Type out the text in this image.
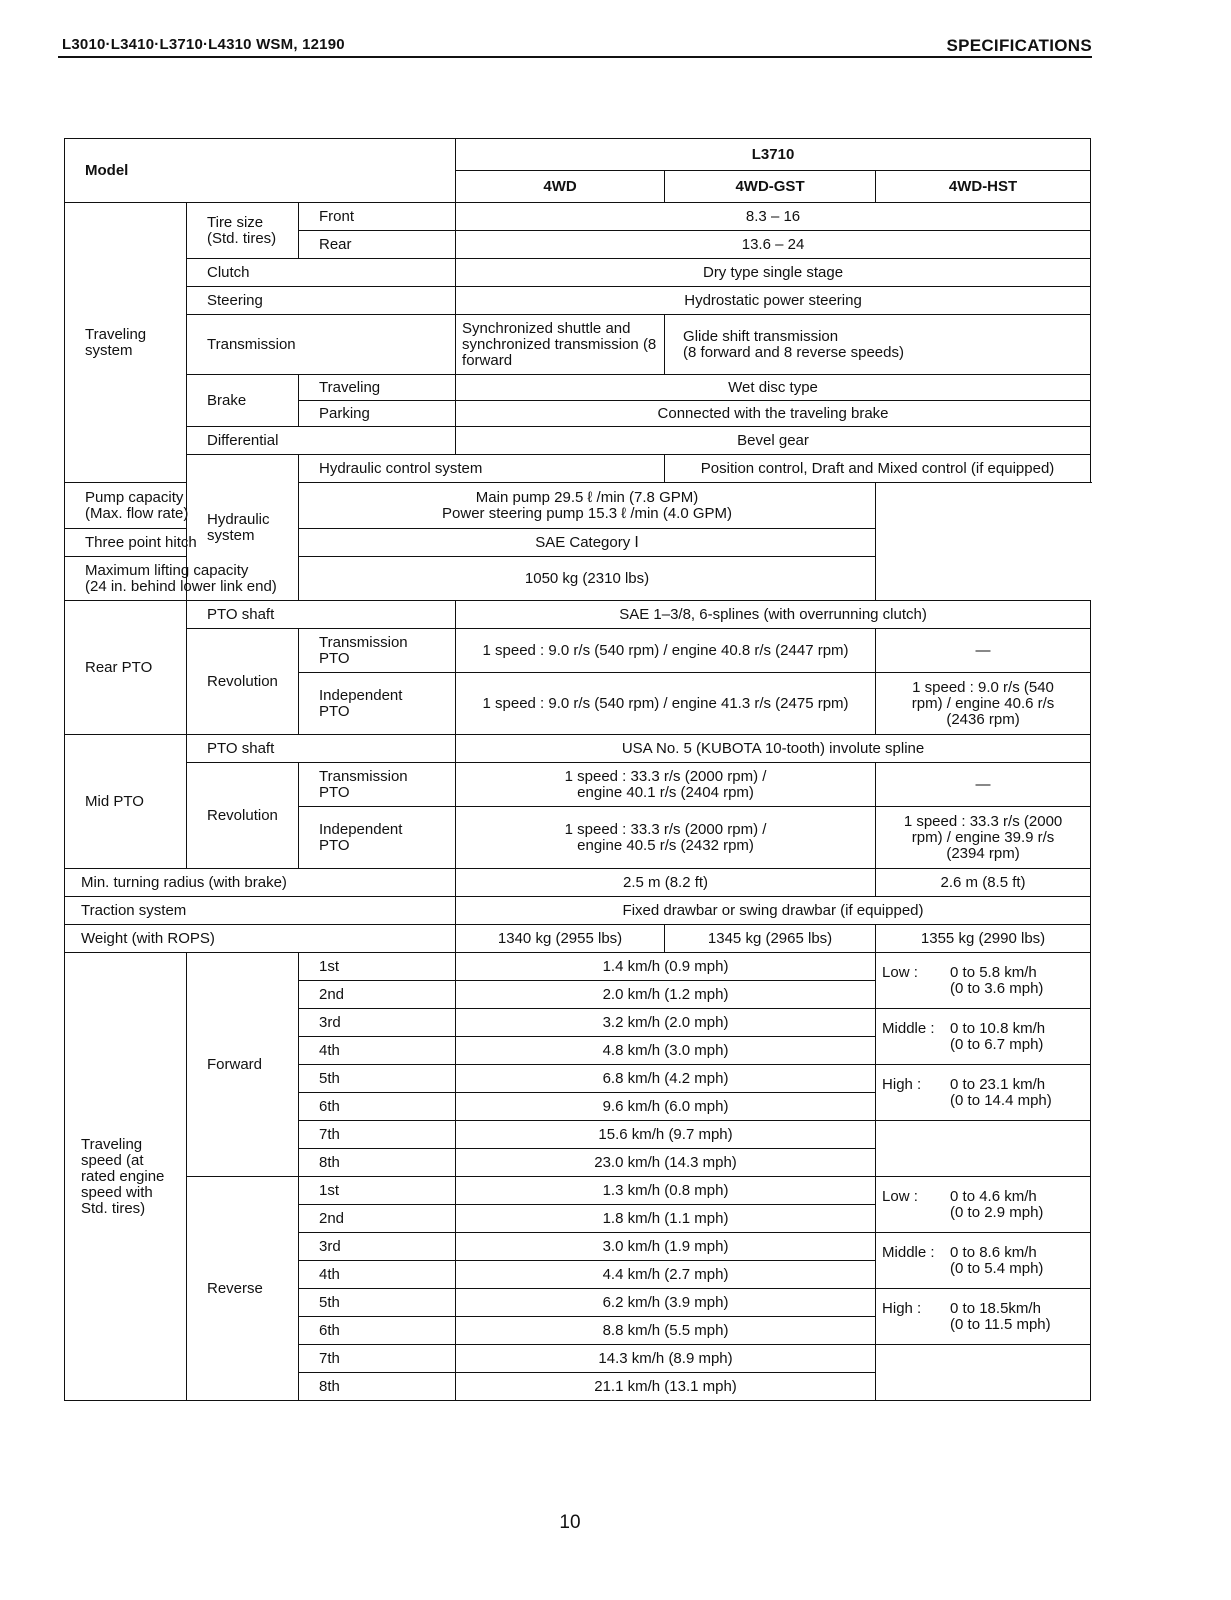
L3010·L3410·L3710·L4310 WSM, 12190	SPECIFICATIONS
Model			L3710		
			4WD	4WD-GST	4WD-HST
Traveling
system	Tire size
(Std. tires)	Front	8.3 – 16		
		Rear	13.6 – 24		
	Clutch		Dry type single stage		
	Steering		Hydrostatic power steering		
	Transmission		Synchronized shuttle and synchronized transmission (8 forward	Glide shift transmission
(8 forward and 8 reverse speeds)	
	Brake	Traveling	Wet disc type		
		Parking	Connected with the traveling brake		
	Differential		Bevel gear		
	Hydraulic
system	Hydraulic control system		Position control, Draft and Mixed control (if equipped)	
Pump capacity
(Max. flow rate)		Main pump 29.5 ℓ /min (7.8 GPM)
Power steering pump 15.3 ℓ /min (4.0 GPM)			
Three point hitch		SAE Category Ⅰ			
Maximum lifting capacity
(24 in. behind lower link end)		1050 kg (2310 lbs)			
Rear PTO	PTO shaft		SAE 1–3/8, 6-splines (with overrunning clutch)		
	Revolution	Transmission
PTO	1 speed : 9.0 r/s (540 rpm) / engine 40.8 r/s (2447 rpm)		—
		Independent
PTO	1 speed : 9.0 r/s (540 rpm) / engine 41.3 r/s (2475 rpm)		1 speed : 9.0 r/s (540
rpm) / engine 40.6 r/s
(2436 rpm)
Mid PTO	PTO shaft		USA No. 5 (KUBOTA 10-tooth) involute spline		
	Revolution	Transmission
PTO	1 speed : 33.3 r/s (2000 rpm) /
engine 40.1 r/s (2404 rpm)		—
		Independent
PTO	1 speed : 33.3 r/s (2000 rpm) /
engine 40.5 r/s (2432 rpm)		1 speed : 33.3 r/s (2000
rpm) / engine 39.9 r/s
(2394 rpm)
Min. turning radius (with brake)			2.5 m (8.2 ft)		2.6 m (8.5 ft)
Traction system			Fixed drawbar or swing drawbar (if equipped)		
Weight (with ROPS)			1340 kg (2955 lbs)	1345 kg (2965 lbs)	1355 kg (2990 lbs)
Traveling
speed (at
rated engine
speed with
Std. tires)	Forward	1st	1.4 km/h (0.9 mph)		Low : 0 to 5.8 km/h
(0 to 3.6 mph)

		2nd	2.0 km/h (1.2 mph)		
		3rd	3.2 km/h (2.0 mph)		Middle : 0 to 10.8 km/h
(0 to 6.7 mph)

		4th	4.8 km/h (3.0 mph)		
		5th	6.8 km/h (4.2 mph)		High : 0 to 23.1 km/h
(0 to 14.4 mph)

		6th	9.6 km/h (6.0 mph)		
		7th	15.6 km/h (9.7 mph)		
		8th	23.0 km/h (14.3 mph)		
	Reverse	1st	1.3 km/h (0.8 mph)		Low : 0 to 4.6 km/h
(0 to 2.9 mph)

		2nd	1.8 km/h (1.1 mph)		
		3rd	3.0 km/h (1.9 mph)		Middle : 0 to 8.6 km/h
(0 to 5.4 mph)

		4th	4.4 km/h (2.7 mph)		
		5th	6.2 km/h (3.9 mph)		High : 0 to 18.5km/h
(0 to 11.5 mph)

		6th	8.8 km/h (5.5 mph)		
		7th	14.3 km/h (8.9 mph)		
		8th	21.1 km/h (13.1 mph)		
10
